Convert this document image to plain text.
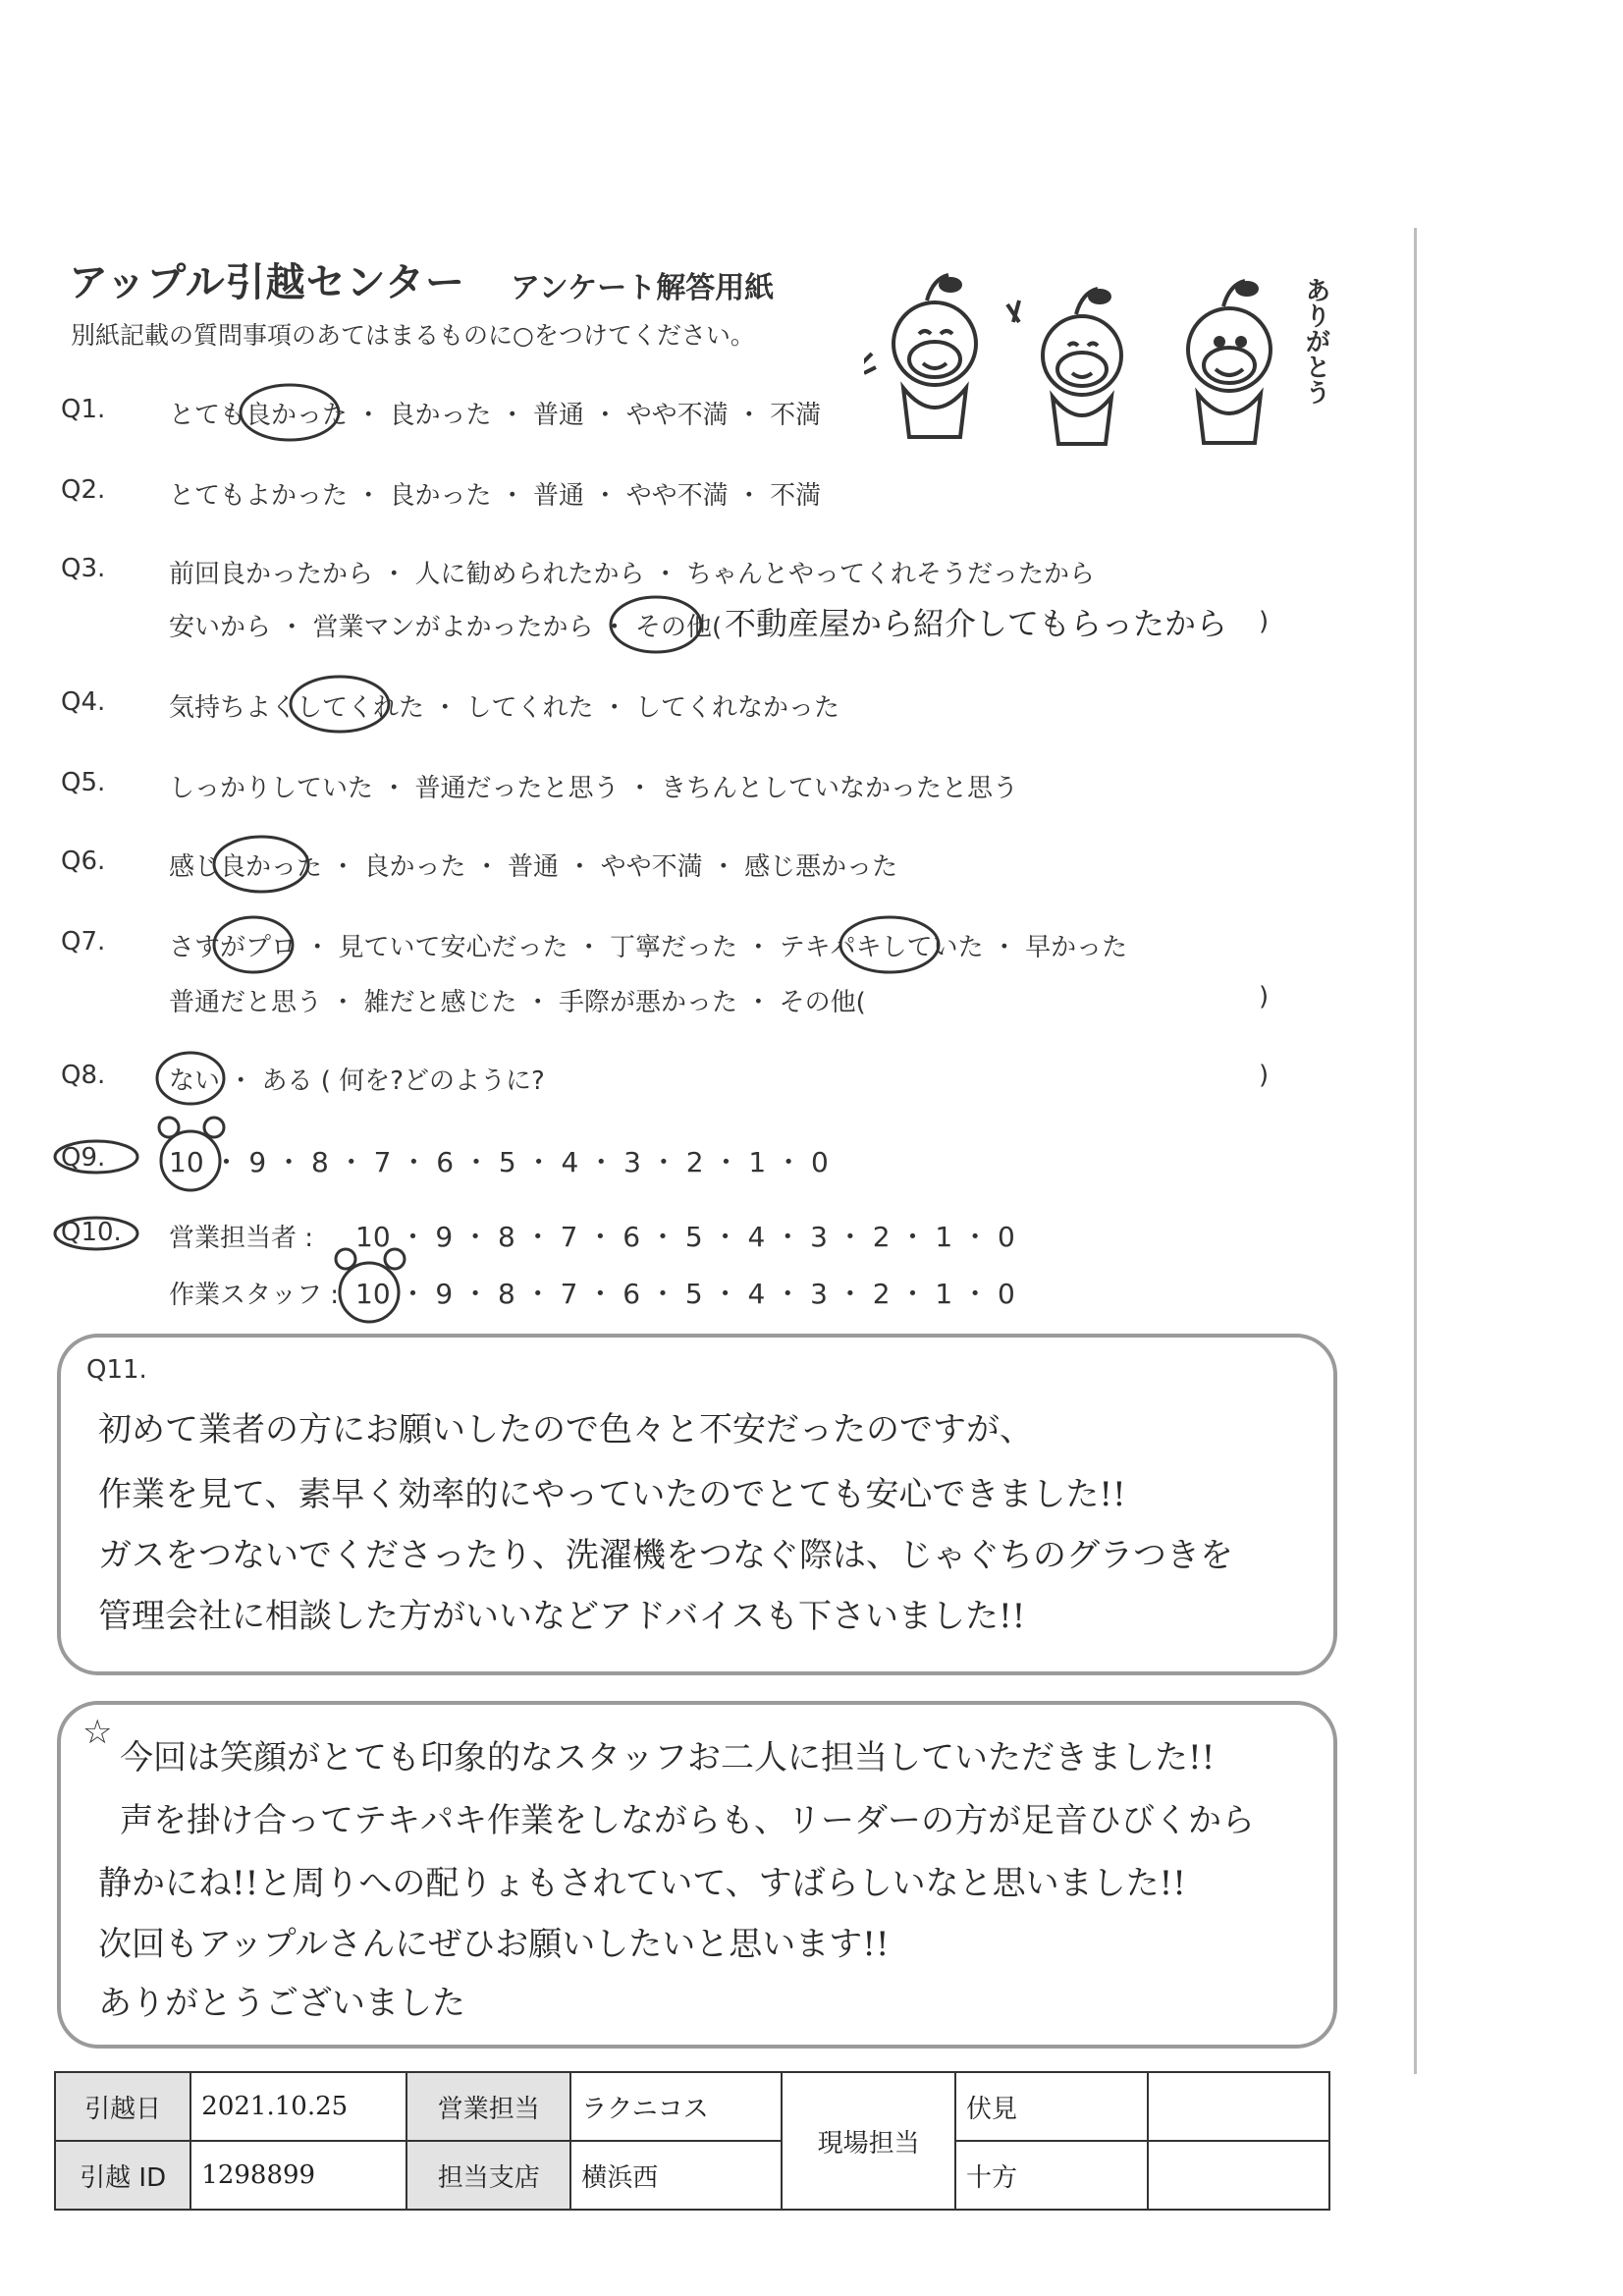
アップル引越センター アンケート解答用紙
別紙記載の質問事項のあてはまるものに○をつけてください。	ありがとう
Q1. とても良かった ・ 良かった ・ 普通 ・ やや不満 ・ 不満
Q2. とてもよかった ・ 良かった ・ 普通 ・ やや不満 ・ 不満
Q3. 前回良かったから ・ 人に勧められたから ・ ちゃんとやってくれそうだったから
安いから ・ 営業マンがよかったから ・ その他( 不動産屋から紹介してもらったから )
Q4. 気持ちよくしてくれた ・ してくれた ・ してくれなかった
Q5. しっかりしていた ・ 普通だったと思う ・ きちんとしていなかったと思う
Q6. 感じ良かった ・ 良かった ・ 普通 ・ やや不満 ・ 感じ悪かった
Q7. さすがプロ ・ 見ていて安心だった ・ 丁寧だった ・ テキパキしていた ・ 早かった
普通だと思う ・ 雑だと感じた ・ 手際が悪かった ・ その他(	)
Q8. ない ・ ある ( 何を?どのように?	)
Q9. 10 ・ 9 ・ 8 ・ 7 ・ 6 ・ 5 ・ 4 ・ 3 ・ 2 ・ 1 ・ 0
Q10. 営業担当者 : 10 ・ 9 ・ 8 ・ 7 ・ 6 ・ 5 ・ 4 ・ 3 ・ 2 ・ 1 ・ 0
作業スタッフ : 10 ・ 9 ・ 8 ・ 7 ・ 6 ・ 5 ・ 4 ・ 3 ・ 2 ・ 1 ・ 0
Q11.
初めて業者の方にお願いしたので色々と不安だったのですが、
作業を見て、素早く効率的にやっていたのでとても安心できました!!
ガスをつないでくださったり、洗濯機をつなぐ際は、じゃぐちのグラつきを
管理会社に相談した方がいいなどアドバイスも下さいました!!
☆
今回は笑顔がとても印象的なスタッフお二人に担当していただきました!!
声を掛け合ってテキパキ作業をしながらも、リーダーの方が足音ひびくから
静かにね!!と周りへの配りょもされていて、すばらしいなと思いました!!
次回もアップルさんにぜひお願いしたいと思います!!
ありがとうございました
引越日	2021.10.25	営業担当	ラクニコス	現場担当	伏見	
引越 ID	1298899	担当支店	横浜西		十方	
